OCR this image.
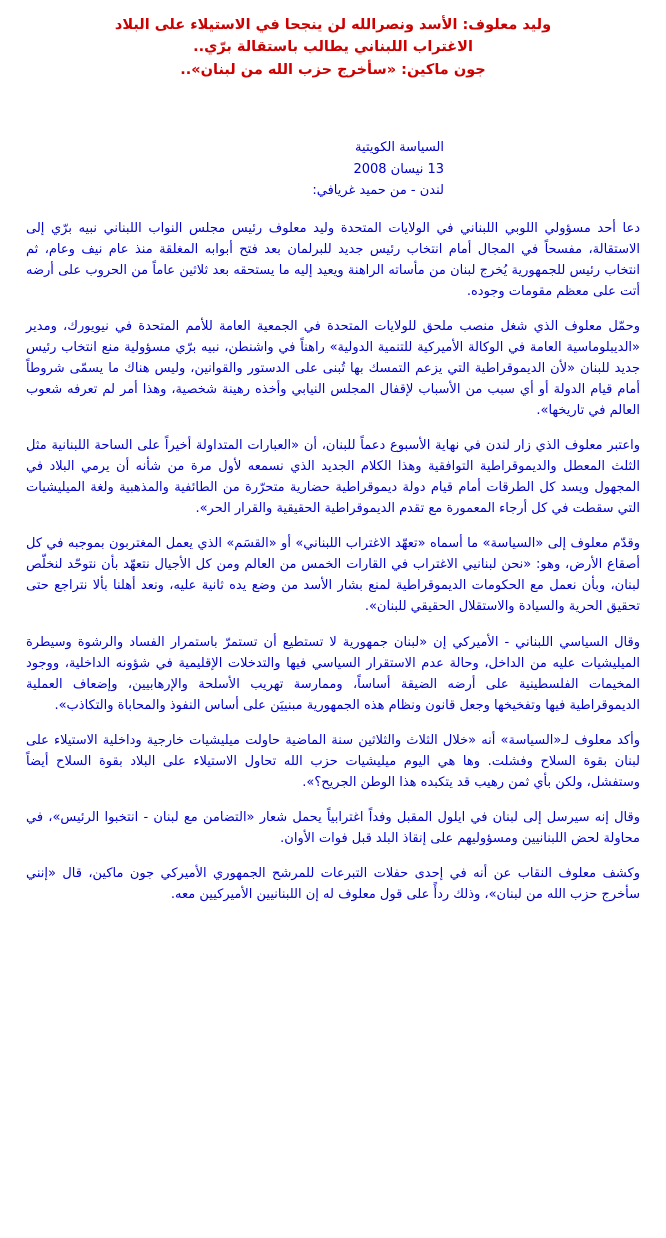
وليد معلوف: الأسد ونصرالله لن ينجحا في الاستيلاء على البلاد
الاغتراب اللبناني يطالب باستقالة برّي..
جون ماكين: «سأخرج حزب الله من لبنان»..
السياسة الكويتية
13 نيسان 2008
لندن - من حميد غريافي:

دعا أحد مسؤولي اللوبي اللبناني في الولايات المتحدة وليد معلوف رئيس مجلس النواب اللبناني نبيه برّي إلى الاستقالة، مفسحاً في المجال أمام انتخاب رئيس جديد للبرلمان بعد فتح أبوابه المغلقة منذ عام نيف وعام، ثم انتخاب رئيس للجمهورية يُخرج لبنان من مأساته الراهنة ويعيد إليه ما يستحقه بعد ثلاثين عاماً من الحروب على أرضه أتت على معظم مقومات وجوده.

وحمّل معلوف الذي شغل منصب ملحق للولايات المتحدة في الجمعية العامة للأمم المتحدة في نيويورك، ومدير «الديبلوماسية العامة في الوكالة الأميركية للتنمية الدولية» راهناً في واشنطن، نبيه برّي مسؤولية منع انتخاب رئيس جديد للبنان «لأن الديموقراطية التي يزعم التمسك بها تُبنى على الدستور والقوانين، وليس هناك ما يسمّى شروطاً أمام قيام الدولة أو أي سبب من الأسباب لإقفال المجلس النيابي وأخذه رهينة شخصية، وهذا أمر لم تعرفه شعوب العالم في تاريخها».

واعتبر معلوف الذي زار لندن في نهاية الأسبوع دعماً للبنان، أن «العبارات المتداولة أخيراً على الساحة اللبنانية مثل الثلث المعطل والديموقراطية التوافقية وهذا الكلام الجديد الذي نسمعه لأول مرة من شأنه أن يرمي البلاد في المجهول ويسد كل الطرقات أمام قيام دولة ديموقراطية حضارية متحرّرة من الطائفية والمذهبية ولغة الميليشيات التي سقطت في كل أرجاء المعمورة مع تقدم الديموقراطية الحقيقية والقرار الحر».

وقدّم معلوف إلى «السياسة» ما أسماه «تعهّد الاغتراب اللبناني» أو «القسَم» الذي يعمل المغتربون بموجبه في كل أصقاع الأرض، وهو: «نحن لبنانيي الاغتراب في القارات الخمس من العالم ومن كل الأجيال نتعهّد بأن نتوحّد لنخلّص لبنان، وبأن نعمل مع الحكومات الديموقراطية لمنع بشار الأسد من وضع يده ثانية عليه، ونعد أهلنا بألا نتراجع حتى تحقيق الحرية والسيادة والاستقلال الحقيقي للبنان».

وقال السياسي اللبناني - الأميركي إن «لبنان جمهورية لا تستطيع أن تستمرّ باستمرار الفساد والرشوة وسيطرة الميليشيات عليه من الداخل، وحالة عدم الاستقرار السياسي فيها والتدخلات الإقليمية في شؤونه الداخلية، ووجود المخيمات الفلسطينية على أرضه الضيقة أساساً، وممارسة تهريب الأسلحة والإرهابيين، وإضعاف العملية الديموقراطية فيها وتفخيخها وجعل قانون ونظام هذه الجمهورية مبنييَن على أساس النفوذ والمحاباة والتكاذب».

وأكد معلوف لـ«السياسة» أنه «خلال الثلاث والثلاثين سنة الماضية حاولت ميليشيات خارجية وداخلية الاستيلاء على لبنان بقوة السلاح وفشلت. وها هي اليوم ميليشيات حزب الله تحاول الاستيلاء على البلاد بقوة السلاح أيضاً وستفشل، ولكن بأي ثمن رهيب قد يتكبده هذا الوطن الجريح؟».

وقال إنه سيرسل إلى لبنان في ايلول المقبل وفداً اغترابياً يحمل شعار «التضامن مع لبنان - انتخبوا الرئيس»، في محاولة لحض اللبنانيين ومسؤوليهم على إنقاذ البلد قبل فوات الأوان.

وكشف معلوف النقاب عن أنه في إحدى حفلات التبرعات للمرشح الجمهوري الأميركي جون ماكين، قال «إنني سأخرج حزب الله من لبنان»، وذلك ردأً على قول معلوف له إن اللبنانيين الأميركيين معه.
